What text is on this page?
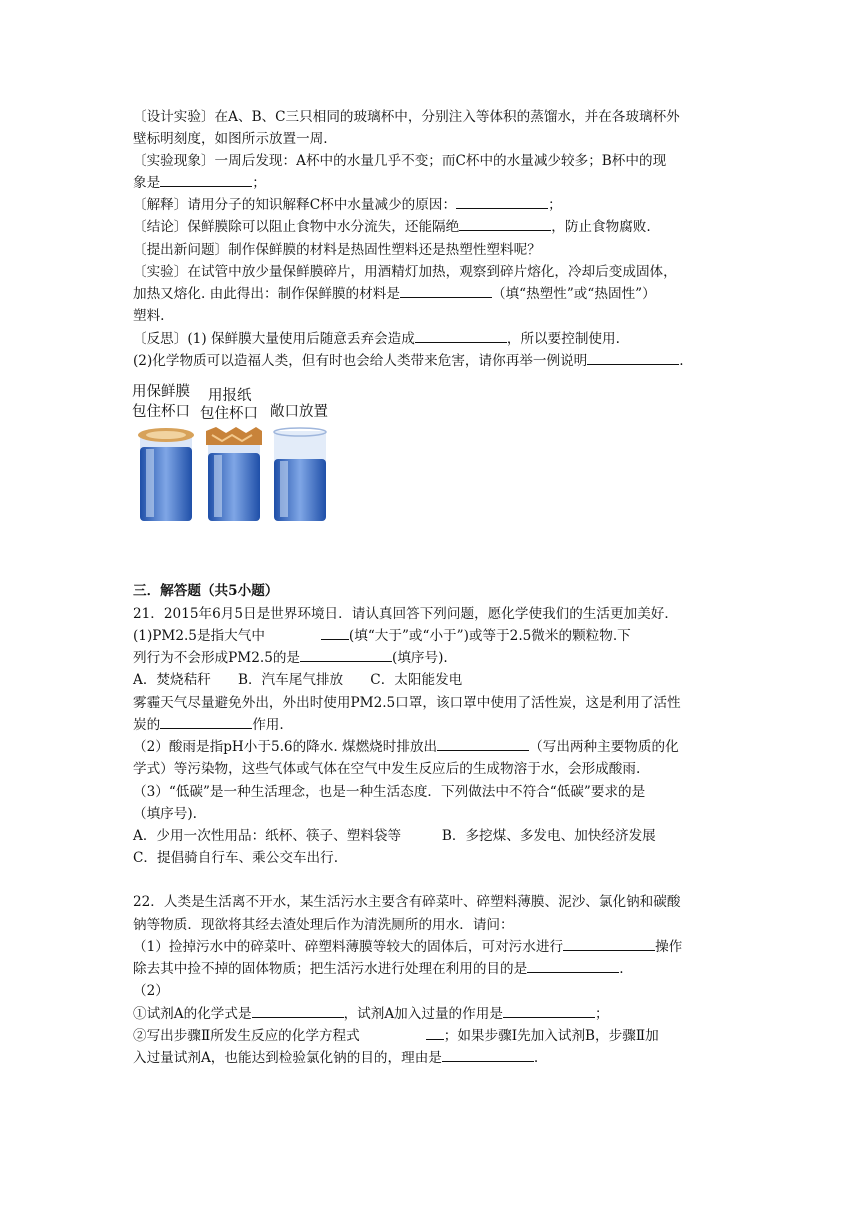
〔设计实验〕在A、B、C三只相同的玻璃杯中，分别注入等体积的蒸馏水，并在各玻璃杯外
壁标明刻度，如图所示放置一周.
〔实验现象〕一周后发现：A杯中的水量几乎不变；而C杯中的水量减少较多；B杯中的现
象是	；
〔解释〕请用分子的知识解释C杯中水量减少的原因：	；
〔结论〕保鲜膜除可以阻止食物中水分流失，还能隔绝	，防止食物腐败.
〔提出新问题〕制作保鲜膜的材料是热固性塑料还是热塑性塑料呢？
〔实验〕在试管中放少量保鲜膜碎片，用酒精灯加热，观察到碎片熔化，冷却后变成固体，
加热又熔化. 由此得出：制作保鲜膜的材料是	（填“热塑性”或“热固性”）
塑料.
〔反思〕(1) 保鲜膜大量使用后随意丢弃会造成	，所以要控制使用.
(2)化学物质可以造福人类，但有时也会给人类带来危害，请你再举一例说明	.
用保鲜膜
包住杯口
用报纸
包住杯口 敞口放置
三．解答题（共5小题）
21．2015年6月5日是世界环境日．请认真回答下列问题，愿化学使我们的生活更加美好．
(1)PM2.5是指大气中	(填“大于”或“小于”)或等于2.5微米的颗粒物.下
列行为不会形成PM2.5的是	(填序号).
A．焚烧秸秆　　B．汽车尾气排放　　C．太阳能发电
雾霾天气尽量避免外出，外出时使用PM2.5口罩，该口罩中使用了活性炭，这是利用了活性
炭的	作用.
（2）酸雨是指pH小于5.6的降水. 煤燃烧时排放出	（写出两种主要物质的化
学式）等污染物，这些气体或气体在空气中发生反应后的生成物溶于水，会形成酸雨.
（3）“低碳”是一种生活理念，也是一种生活态度．下列做法中不符合“低碳”要求的是
（填序号).
A．少用一次性用品：纸杯、筷子、塑料袋等　　　B．多挖煤、多发电、加快经济发展
C．提倡骑自行车、乘公交车出行.
22．人类是生活离不开水，某生活污水主要含有碎菜叶、碎塑料薄膜、泥沙、氯化钠和碳酸
钠等物质．现欲将其经去渣处理后作为清洗厕所的用水．请问：
（1）捡掉污水中的碎菜叶、碎塑料薄膜等较大的固体后，可对污水进行	操作
除去其中捡不掉的固体物质；把生活污水进行处理在利用的目的是	.
（2）
①试剂A的化学式是	，试剂A加入过量的作用是	；
②写出步骤Ⅱ所发生反应的化学方程式	；如果步骤Ⅰ先加入试剂B，步骤Ⅱ加
入过量试剂A，也能达到检验氯化钠的目的，理由是	.
